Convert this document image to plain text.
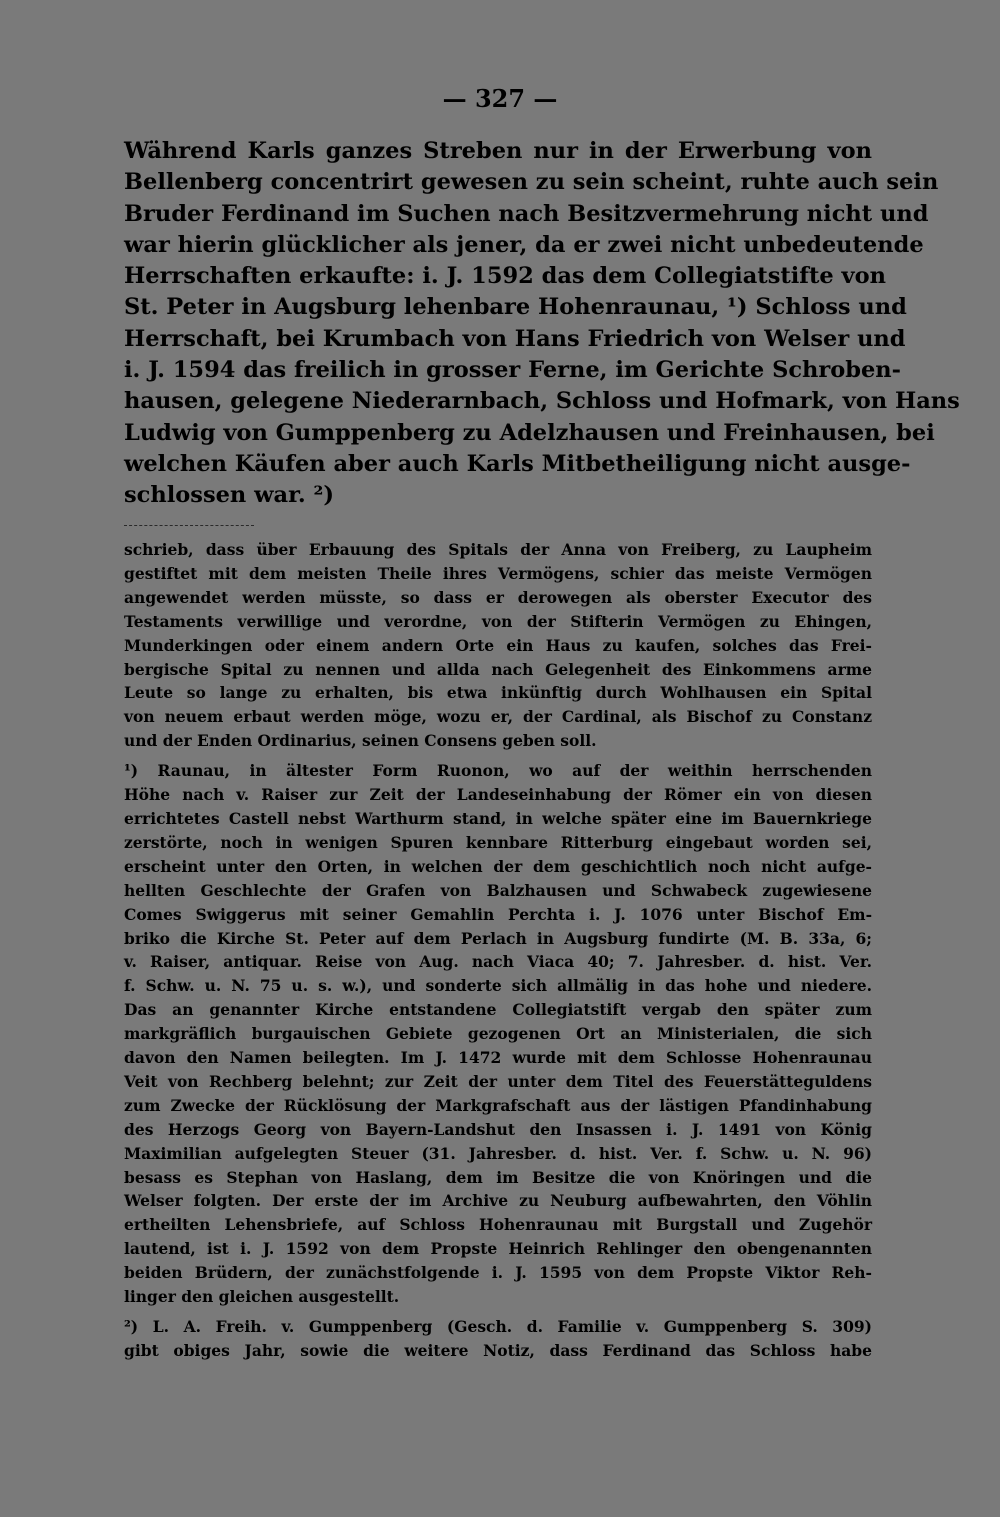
— 327 —
Während Karls ganzes Streben nur in der Erwerbung von
Bellenberg concentrirt gewesen zu sein scheint, ruhte auch sein
Bruder Ferdinand im Suchen nach Besitzvermehrung nicht und
war hierin glücklicher als jener, da er zwei nicht unbedeutende
Herrschaften erkaufte: i. J. 1592 das dem Collegiatstifte von
St. Peter in Augsburg lehenbare Hohenraunau, ¹) Schloss und
Herrschaft, bei Krumbach von Hans Friedrich von Welser und
i. J. 1594 das freilich in grosser Ferne, im Gerichte Schroben-
hausen, gelegene Niederarnbach, Schloss und Hofmark, von Hans
Ludwig von Gumppenberg zu Adelzhausen und Freinhausen, bei
welchen Käufen aber auch Karls Mitbetheiligung nicht ausge-
schlossen war. ²)
schrieb, dass über Erbauung des Spitals der Anna von Freiberg, zu Laupheim
gestiftet mit dem meisten Theile ihres Vermögens, schier das meiste Vermögen
angewendet werden müsste, so dass er derowegen als oberster Executor des
Testaments verwillige und verordne, von der Stifterin Vermögen zu Ehingen,
Munderkingen oder einem andern Orte ein Haus zu kaufen, solches das Frei-
bergische Spital zu nennen und allda nach Gelegenheit des Einkommens arme
Leute so lange zu erhalten, bis etwa inkünftig durch Wohlhausen ein Spital
von neuem erbaut werden möge, wozu er, der Cardinal, als Bischof zu Constanz
und der Enden Ordinarius, seinen Consens geben soll.
¹) Raunau, in ältester Form Ruonon, wo auf der weithin herrschenden
Höhe nach v. Raiser zur Zeit der Landeseinhabung der Römer ein von diesen
errichtetes Castell nebst Warthurm stand, in welche später eine im Bauernkriege
zerstörte, noch in wenigen Spuren kennbare Ritterburg eingebaut worden sei,
erscheint unter den Orten, in welchen der dem geschichtlich noch nicht aufge-
hellten Geschlechte der Grafen von Balzhausen und Schwabeck zugewiesene
Comes Swiggerus mit seiner Gemahlin Perchta i. J. 1076 unter Bischof Em-
briko die Kirche St. Peter auf dem Perlach in Augsburg fundirte (M. B. 33a, 6;
v. Raiser, antiquar. Reise von Aug. nach Viaca 40; 7. Jahresber. d. hist. Ver.
f. Schw. u. N. 75 u. s. w.), und sonderte sich allmälig in das hohe und niedere.
Das an genannter Kirche entstandene Collegiatstift vergab den später zum
markgräflich burgauischen Gebiete gezogenen Ort an Ministerialen, die sich
davon den Namen beilegten. Im J. 1472 wurde mit dem Schlosse Hohenraunau
Veit von Rechberg belehnt; zur Zeit der unter dem Titel des Feuerstätteguldens
zum Zwecke der Rücklösung der Markgrafschaft aus der lästigen Pfandinhabung
des Herzogs Georg von Bayern-Landshut den Insassen i. J. 1491 von König
Maximilian aufgelegten Steuer (31. Jahresber. d. hist. Ver. f. Schw. u. N. 96)
besass es Stephan von Haslang, dem im Besitze die von Knöringen und die
Welser folgten. Der erste der im Archive zu Neuburg aufbewahrten, den Vöhlin
ertheilten Lehensbriefe, auf Schloss Hohenraunau mit Burgstall und Zugehör
lautend, ist i. J. 1592 von dem Propste Heinrich Rehlinger den obengenannten
beiden Brüdern, der zunächstfolgende i. J. 1595 von dem Propste Viktor Reh-
linger den gleichen ausgestellt.
²) L. A. Freih. v. Gumppenberg (Gesch. d. Familie v. Gumppenberg S. 309)
gibt obiges Jahr, sowie die weitere Notiz, dass Ferdinand das Schloss habe
